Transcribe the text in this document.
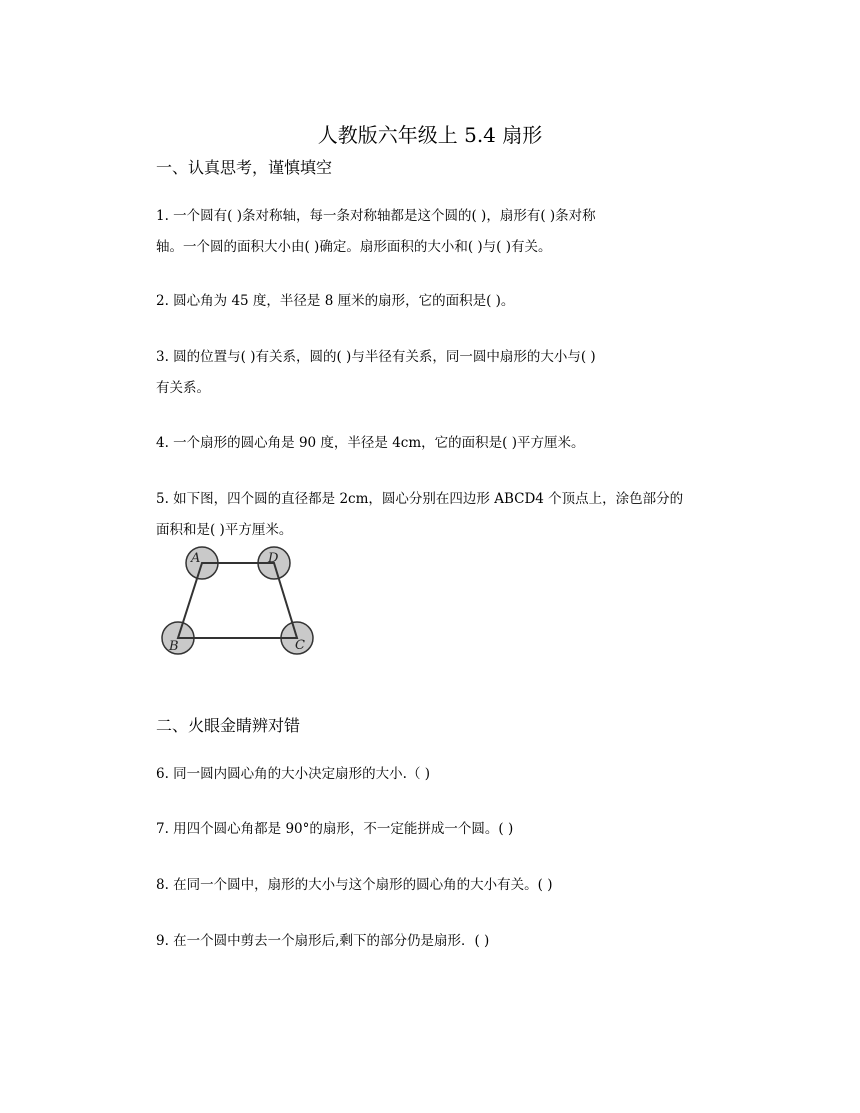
人教版六年级上 5.4 扇形
一、认真思考，谨慎填空
1. 一个圆有( )条对称轴，每一条对称轴都是这个圆的( )，扇形有( )条对称
轴。一个圆的面积大小由( )确定。扇形面积的大小和( )与( )有关。
2. 圆心角为 45 度，半径是 8 厘米的扇形，它的面积是( )。
3. 圆的位置与( )有关系，圆的( )与半径有关系，同一圆中扇形的大小与( )
有关系。
4. 一个扇形的圆心角是 90 度，半径是 4cm，它的面积是( )平方厘米。
5. 如下图，四个圆的直径都是 2cm，圆心分别在四边形 ABCD4 个顶点上，涂色部分的
面积和是( )平方厘米。
A	D
B	C
二、火眼金睛辨对错
6. 同一圆内圆心角的大小决定扇形的大小.（ )
7. 用四个圆心角都是 90°的扇形，不一定能拼成一个圆。( )
8. 在同一个圆中，扇形的大小与这个扇形的圆心角的大小有关。( )
9. 在一个圆中剪去一个扇形后,剩下的部分仍是扇形．( )
